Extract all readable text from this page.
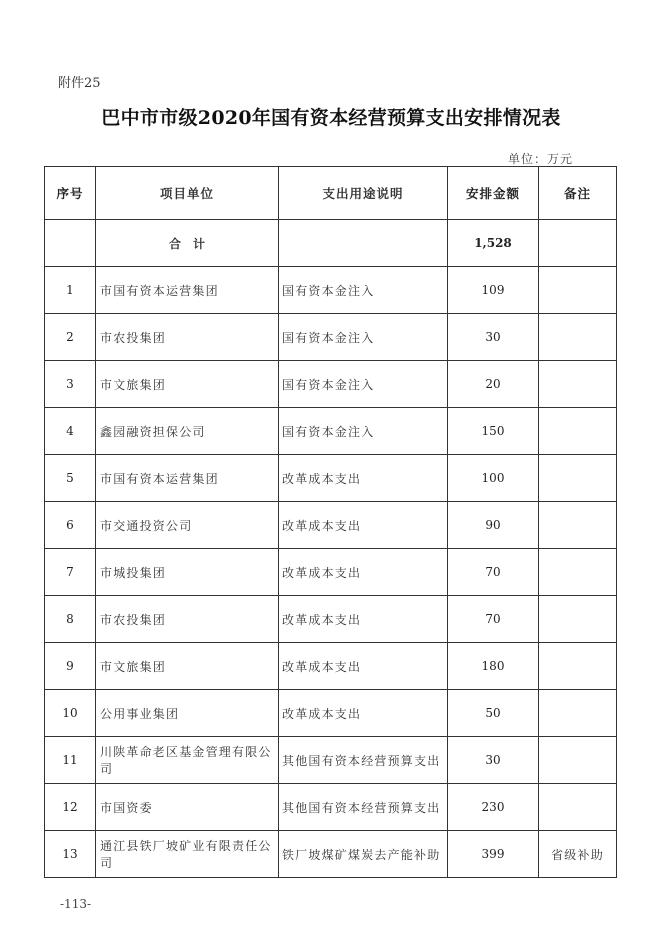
附件25
巴中市市级2020年国有资本经营预算支出安排情况表
单位：万元
序号	项目单位	支出用途说明	安排金额	备注
	合计		1,528	
1	市国有资本运营集团	国有资本金注入	109	
2	市农投集团	国有资本金注入	30	
3	市文旅集团	国有资本金注入	20	
4	鑫园融资担保公司	国有资本金注入	150	
5	市国有资本运营集团	改革成本支出	100	
6	市交通投资公司	改革成本支出	90	
7	市城投集团	改革成本支出	70	
8	市农投集团	改革成本支出	70	
9	市文旅集团	改革成本支出	180	
10	公用事业集团	改革成本支出	50	
11	川陕革命老区基金管理有限公司	其他国有资本经营预算支出	30	
12	市国资委	其他国有资本经营预算支出	230	
13	通江县铁厂坡矿业有限责任公司	铁厂坡煤矿煤炭去产能补助	399	省级补助
-113-
